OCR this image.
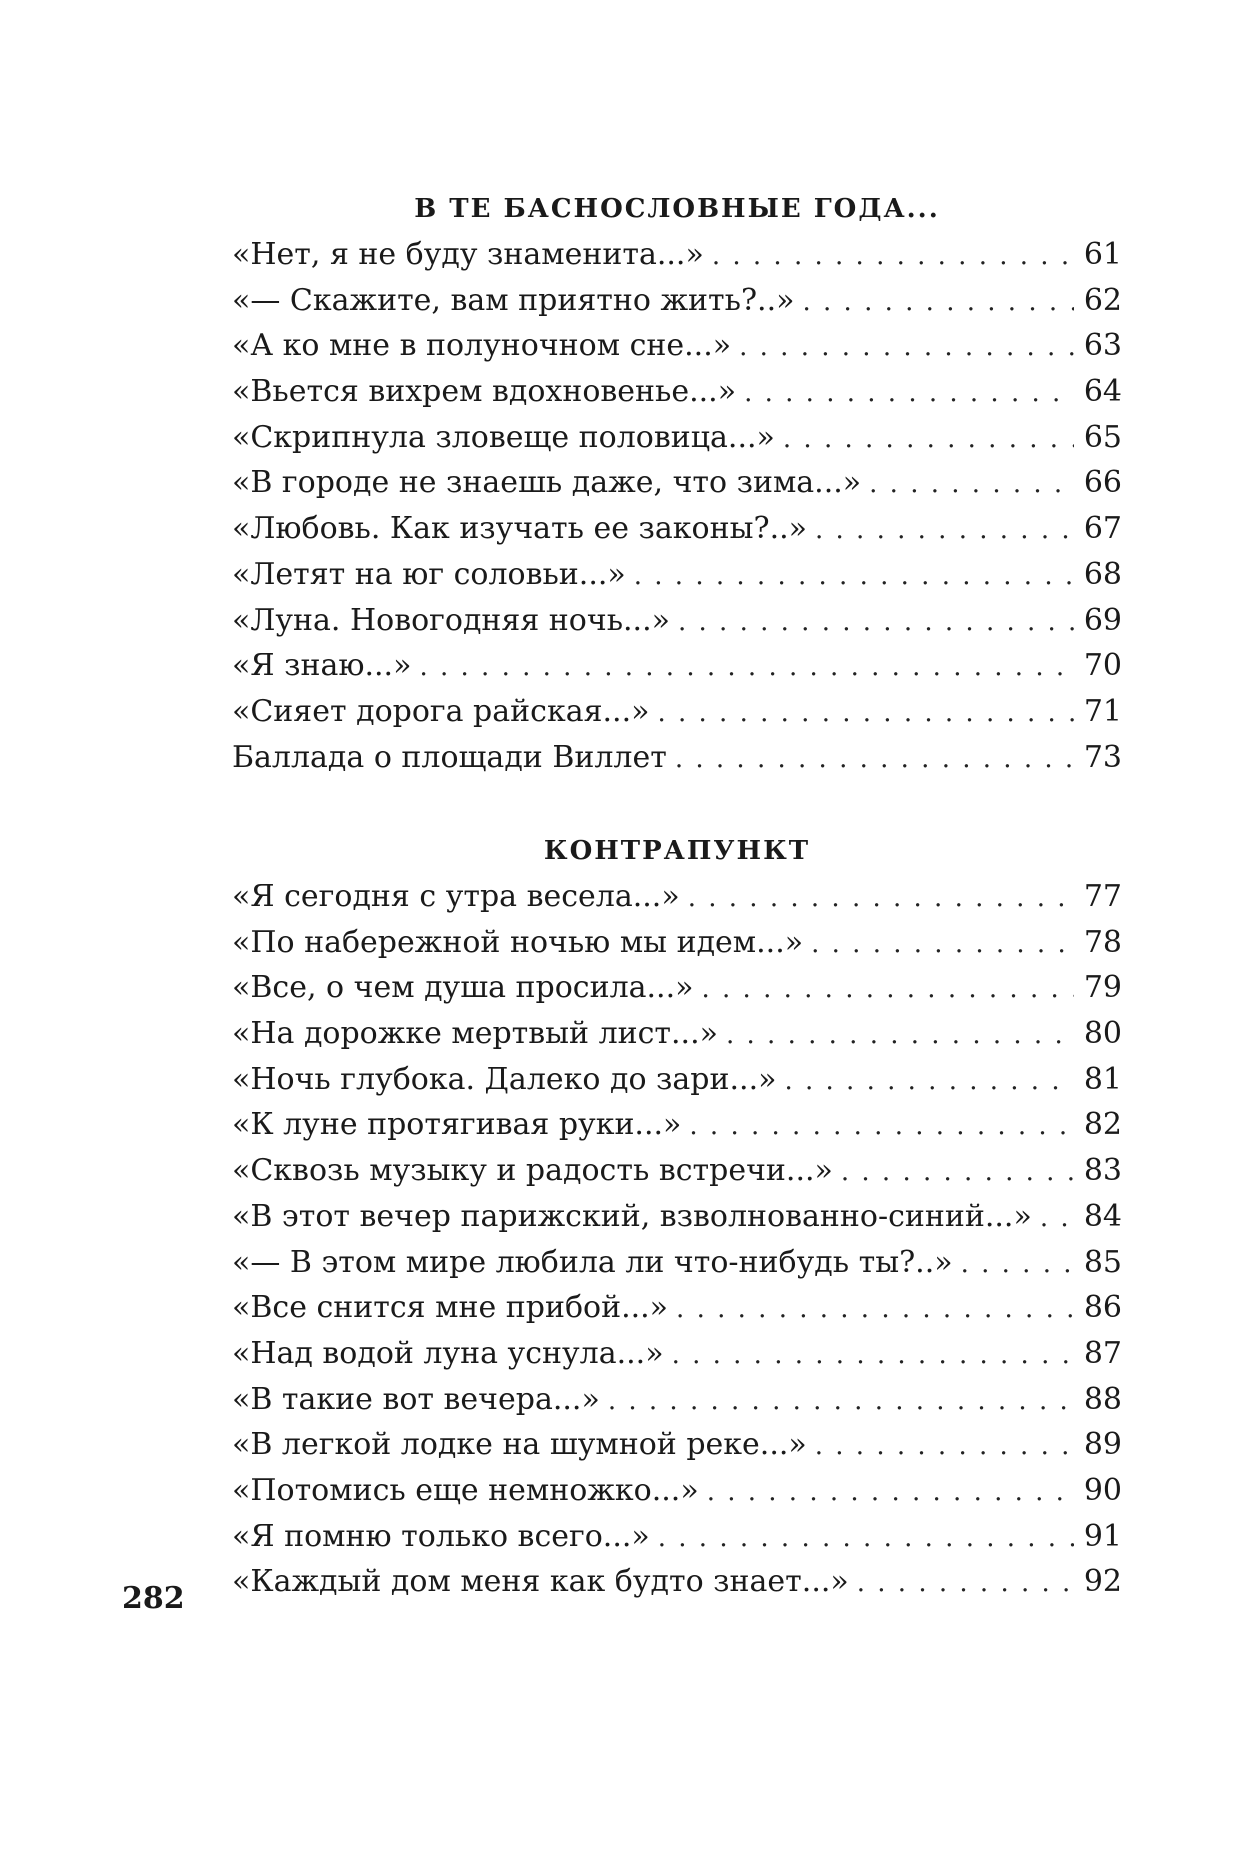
В ТЕ БАСНОСЛОВНЫЕ ГОДА...
«Нет, я не буду знаменита...» . . .	61
«— Скажите, вам приятно жить?..» . . .	62
«А ко мне в полуночном сне...» . . .	63
«Вьется вихрем вдохновенье...» . . .	64
«Скрипнула зловеще половица...» . . .	65
«В городе не знаешь даже, что зима...» . . .	66
«Любовь. Как изучать ее законы?..» . . .	67
«Летят на юг соловьи...» . . .	68
«Луна. Новогодняя ночь...» . . .	69
«Я знаю...» . . .	70
«Сияет дорога райская...» . . .	71
Баллада о площади Виллет . . .	73
КОНТРАПУНКТ
«Я сегодня с утра весела...» . . .	77
«По набережной ночью мы идем...» . . .	78
«Все, о чем душа просила...» . . .	79
«На дорожке мертвый лист...» . . .	80
«Ночь глубока. Далеко до зари...» . . .	81
«К луне протягивая руки...» . . .	82
«Сквозь музыку и радость встречи...» . . .	83
«В этот вечер парижский, взволнованно-синий...» . . .	84
«— В этом мире любила ли что-нибудь ты?..» . . .	85
«Все снится мне прибой...» . . .	86
«Над водой луна уснула...» . . .	87
«В такие вот вечера...» . . .	88
«В легкой лодке на шумной реке...» . . .	89
«Потомись еще немножко...» . . .	90
«Я помню только всего...» . . .	91
«Каждый дом меня как будто знает...» . . .	92
282
